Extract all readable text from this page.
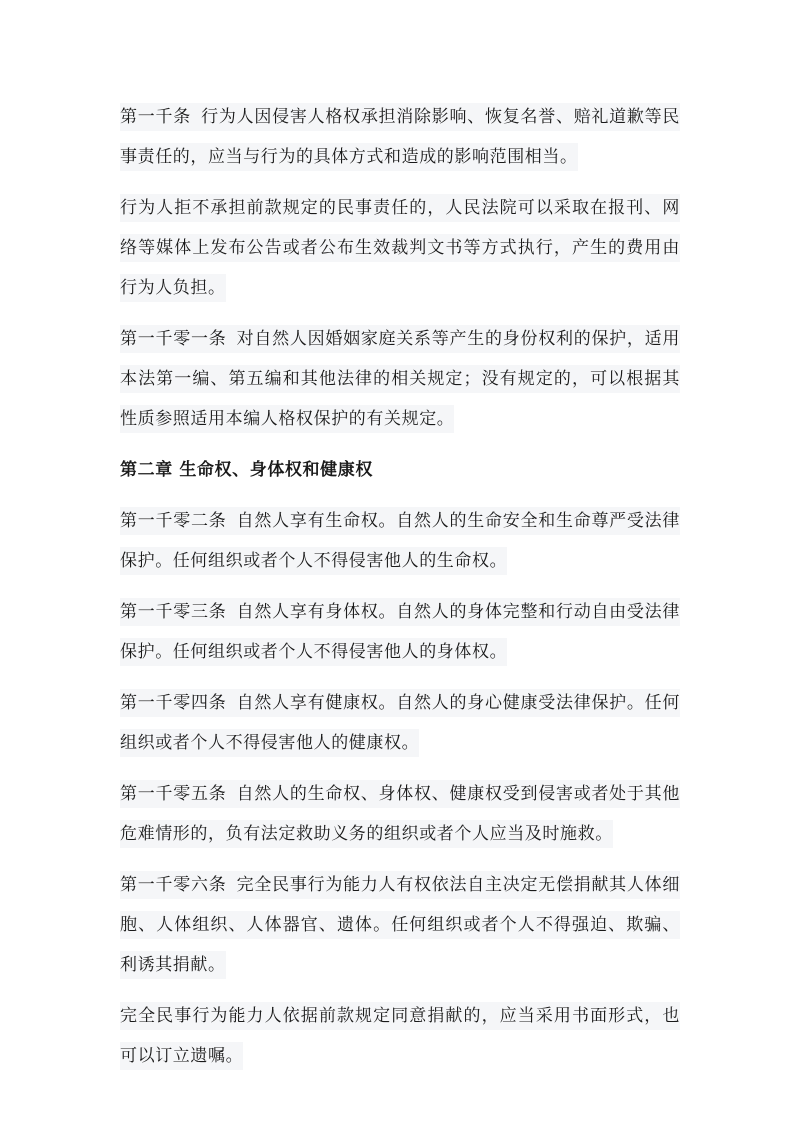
第一千条 行为人因侵害人格权承担消除影响、恢复名誉、赔礼道歉等民事责任的，应当与行为的具体方式和造成的影响范围相当。

行为人拒不承担前款规定的民事责任的，人民法院可以采取在报刊、网络等媒体上发布公告或者公布生效裁判文书等方式执行，产生的费用由行为人负担。

第一千零一条 对自然人因婚姻家庭关系等产生的身份权利的保护，适用本法第一编、第五编和其他法律的相关规定；没有规定的，可以根据其性质参照适用本编人格权保护的有关规定。

第二章 生命权、身体权和健康权

第一千零二条 自然人享有生命权。自然人的生命安全和生命尊严受法律保护。任何组织或者个人不得侵害他人的生命权。

第一千零三条 自然人享有身体权。自然人的身体完整和行动自由受法律保护。任何组织或者个人不得侵害他人的身体权。

第一千零四条 自然人享有健康权。自然人的身心健康受法律保护。任何组织或者个人不得侵害他人的健康权。

第一千零五条 自然人的生命权、身体权、健康权受到侵害或者处于其他危难情形的，负有法定救助义务的组织或者个人应当及时施救。

第一千零六条 完全民事行为能力人有权依法自主决定无偿捐献其人体细胞、人体组织、人体器官、遗体。任何组织或者个人不得强迫、欺骗、利诱其捐献。

完全民事行为能力人依据前款规定同意捐献的，应当采用书面形式，也可以订立遗嘱。
